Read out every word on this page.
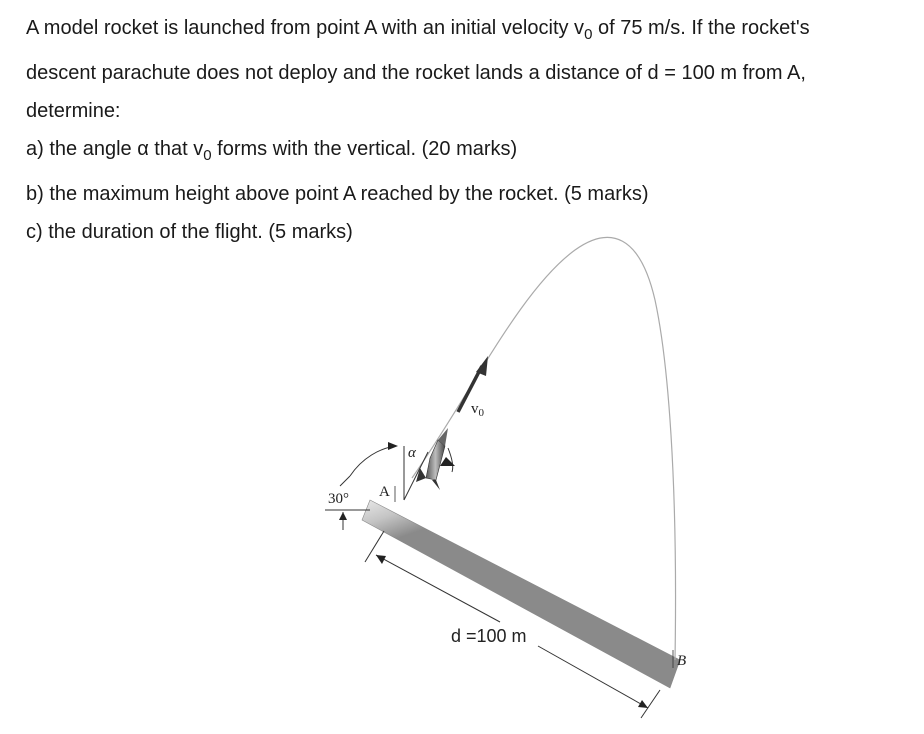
A model rocket is launched from point A with an initial velocity $v_0$ of 75 m/s. If the rocket's
descent parachute does not deploy and the rocket lands a distance of d = 100 m from A,
determine:
a) the angle α that $v_0$ forms with the vertical. (20 marks)
b) the maximum height above point A reached by the rocket. (5 marks)
c) the duration of the flight. (5 marks)
$v_0$
α
A
30°
d =100 m
B
